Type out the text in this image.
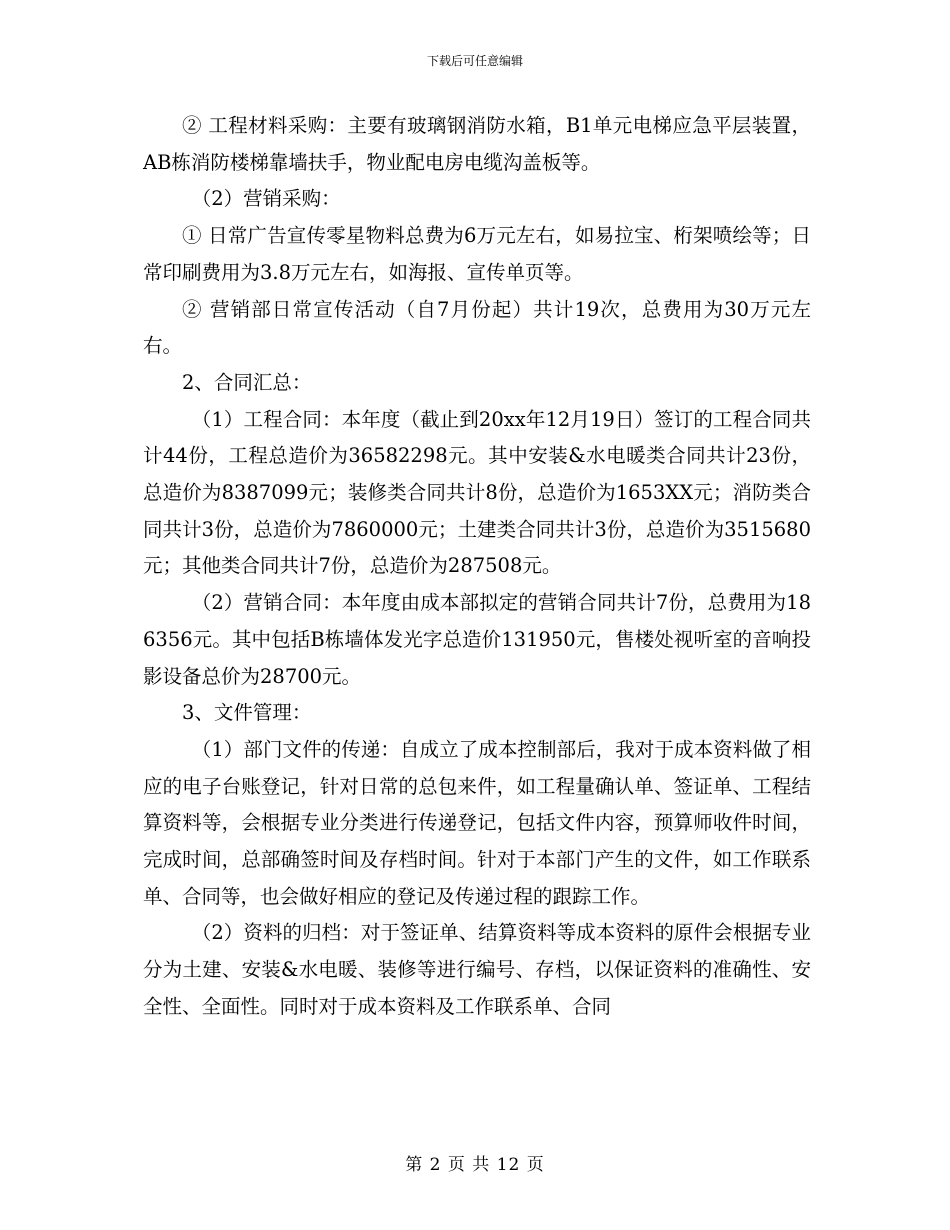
下载后可任意编辑

② 工程材料采购：主要有玻璃钢消防水箱，B1单元电梯应急平层装置，AB栋消防楼梯靠墙扶手，物业配电房电缆沟盖板等。

（2）营销采购：

① 日常广告宣传零星物料总费为6万元左右，如易拉宝、桁架喷绘等；日常印刷费用为3.8万元左右，如海报、宣传单页等。

② 营销部日常宣传活动（自7月份起）共计19次，总费用为30万元左右。

2、合同汇总：

（1）工程合同：本年度（截止到20xx年12月19日）签订的工程合同共计44份，工程总造价为36582298元。其中安装&水电暖类合同共计23份，总造价为8387099元；装修类合同共计8份，总造价为1653XX元；消防类合同共计3份，总造价为7860000元；土建类合同共计3份，总造价为3515680元；其他类合同共计7份，总造价为287508元。

（2）营销合同：本年度由成本部拟定的营销合同共计7份，总费用为186356元。其中包括B栋墙体发光字总造价131950元，售楼处视听室的音响投影设备总价为28700元。

3、文件管理：

（1）部门文件的传递：自成立了成本控制部后，我对于成本资料做了相应的电子台账登记，针对日常的总包来件，如工程量确认单、签证单、工程结算资料等，会根据专业分类进行传递登记，包括文件内容，预算师收件时间，完成时间，总部确签时间及存档时间。针对于本部门产生的文件，如工作联系单、合同等，也会做好相应的登记及传递过程的跟踪工作。

（2）资料的归档：对于签证单、结算资料等成本资料的原件会根据专业分为土建、安装&水电暖、装修等进行编号、存档，以保证资料的准确性、安全性、全面性。同时对于成本资料及工作联系单、合同

第 2 页 共 12 页
